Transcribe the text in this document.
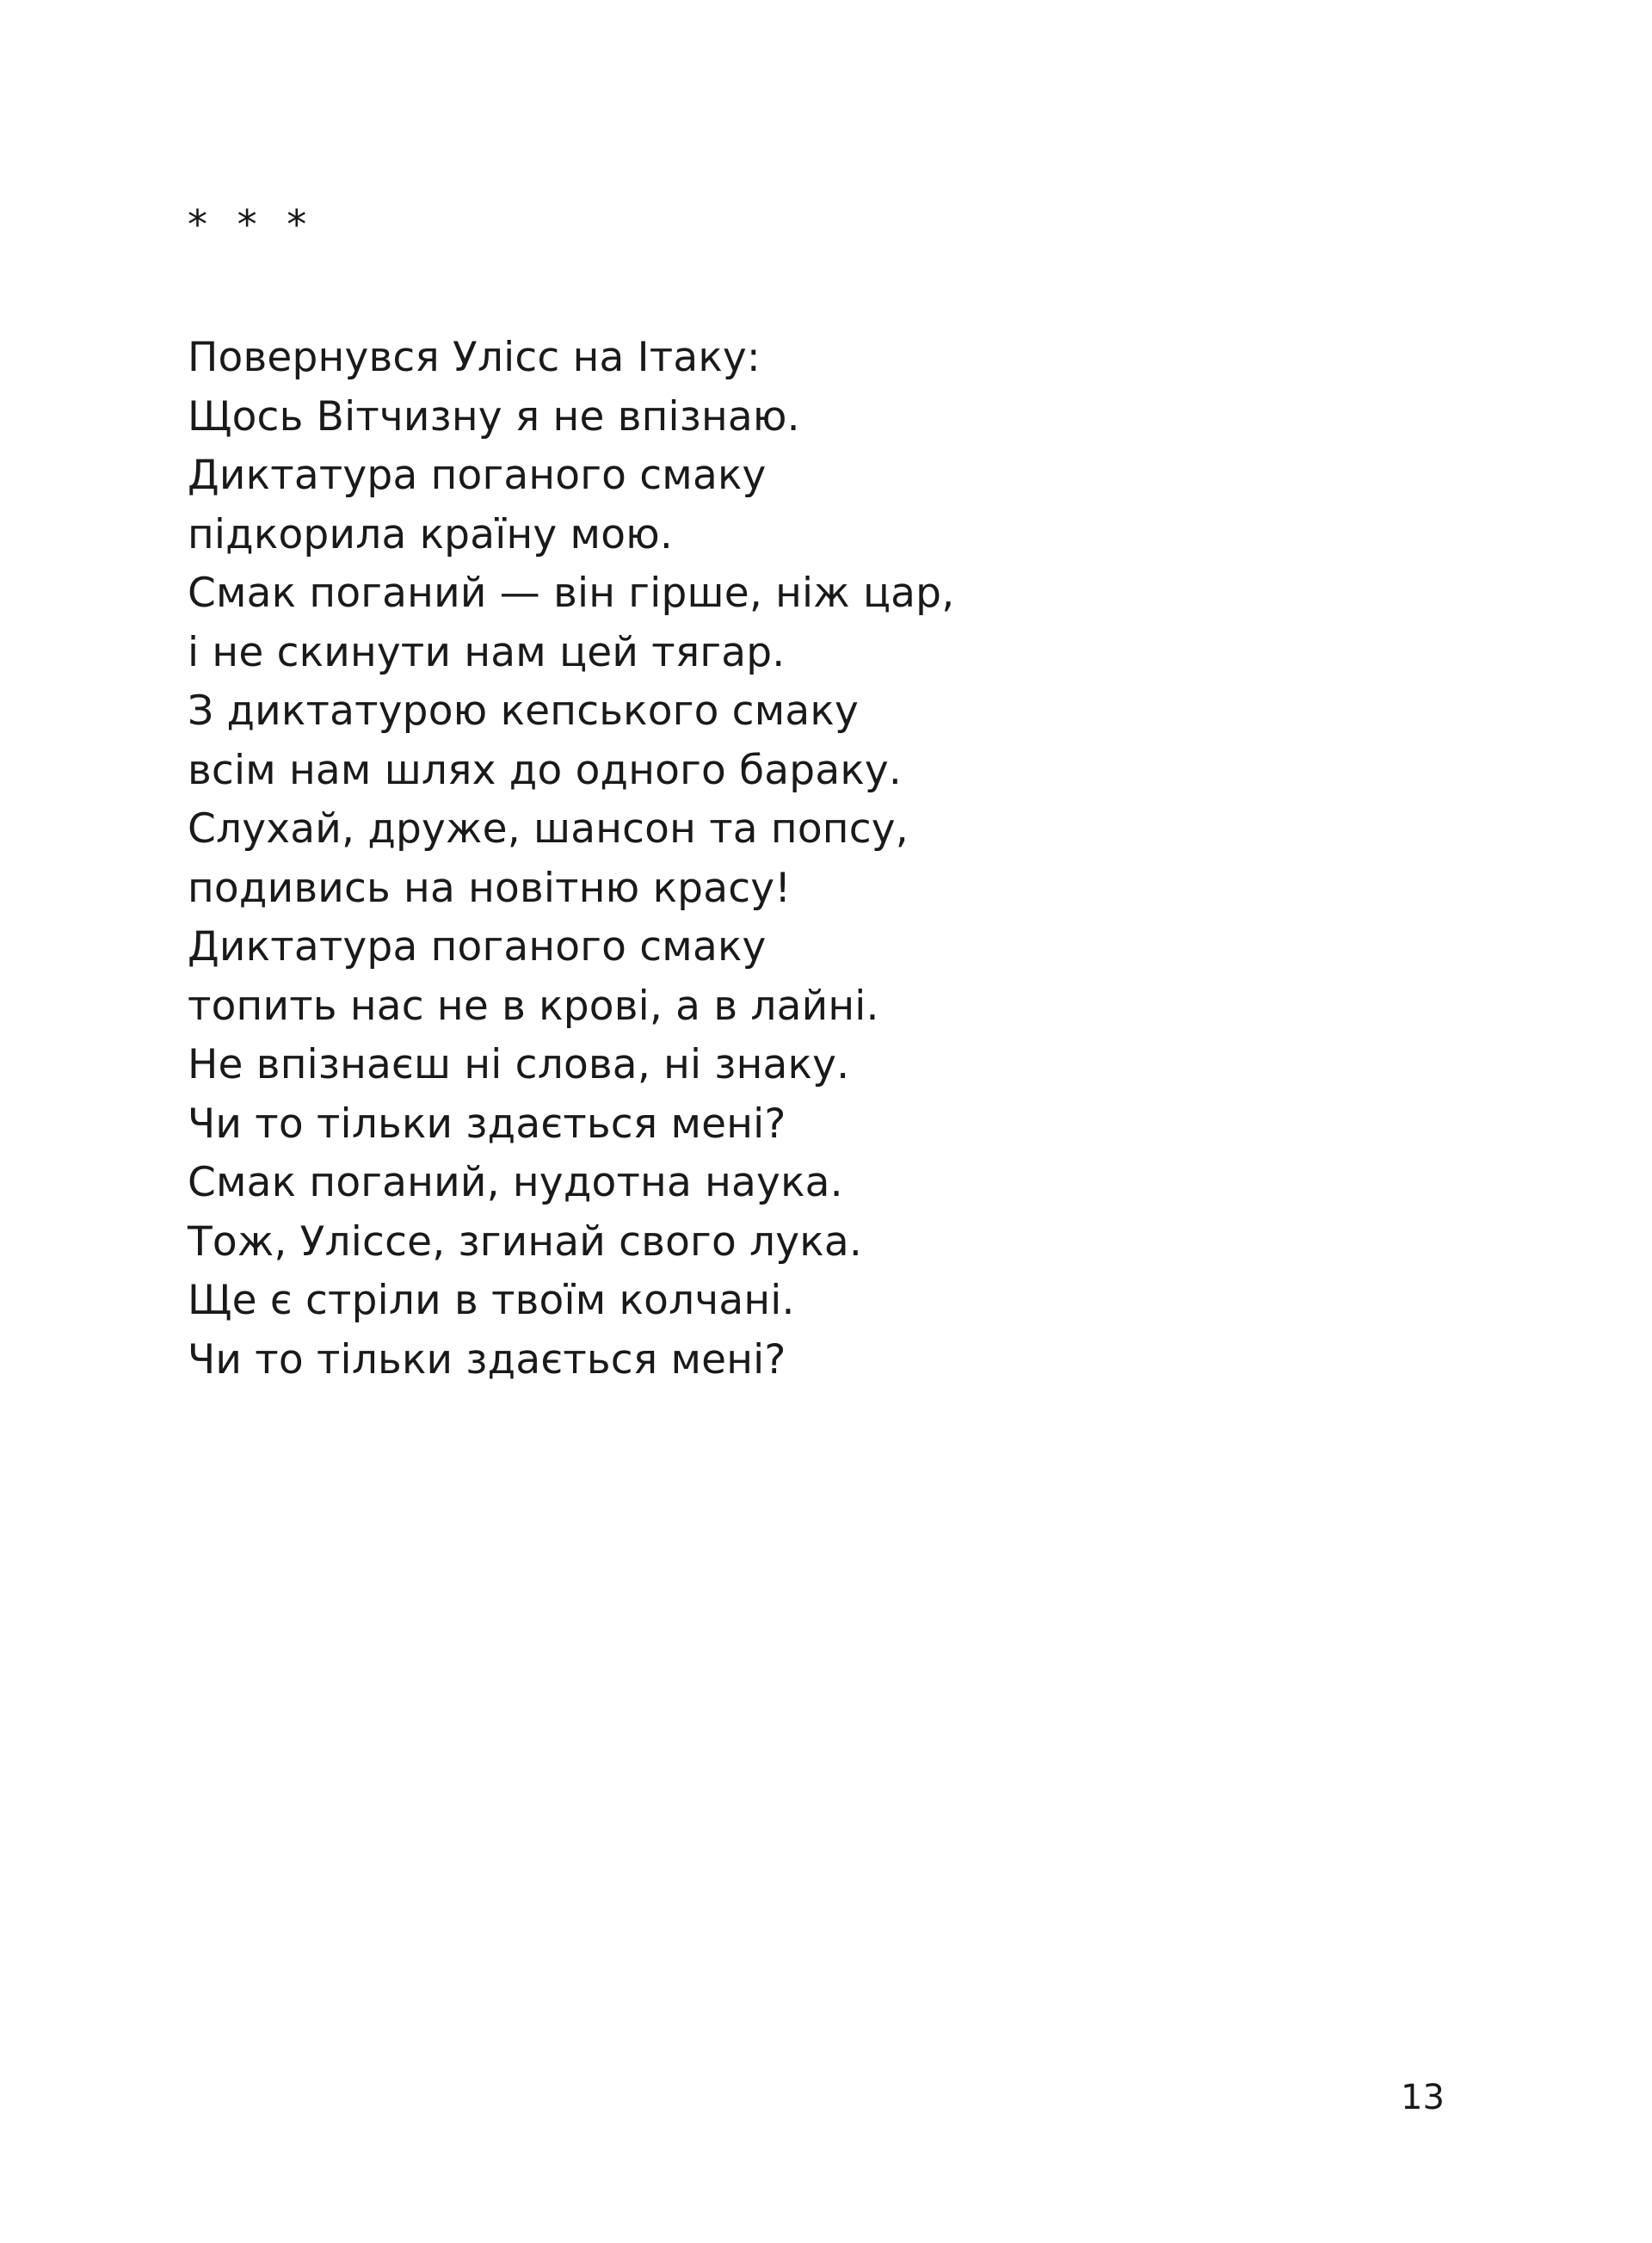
* * *
Повернувся Улісс на Ітаку:
Щось Вітчизну я не впізнаю.
Диктатура поганого смаку
підкорила країну мою.
Смак поганий — він гірше, ніж цар,
і не скинути нам цей тягар.
З диктатурою кепського смаку
всім нам шлях до одного бараку.
Слухай, друже, шансон та попсу,
подивись на новітню красу!
Диктатура поганого смаку
топить нас не в крові, а в лайні.
Не впізнаєш ні слова, ні знаку.
Чи то тільки здається мені?
Смак поганий, нудотна наука.
Тож, Уліссе, згинай свого лука.
Ще є стріли в твоїм колчані.
Чи то тільки здається мені?
13
